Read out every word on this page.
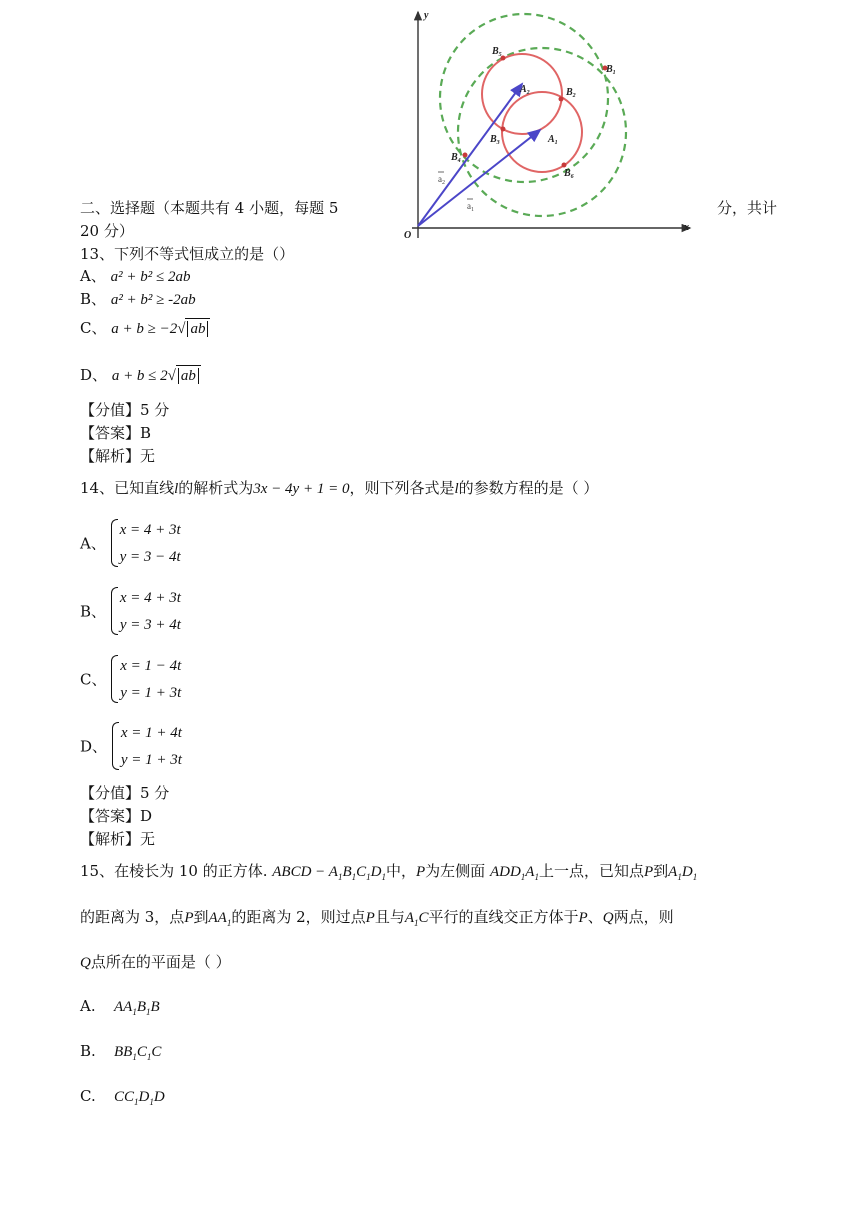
y
x
O
$B_5$
$B_1$
$A_2$	$B_2$
$B_3$	$A_1$
$B_4$
$B_6$
$a_2$
$a_1$
二、选择题（本题共有 4 小题，每题 5	分，共计
20 分）
13、下列不等式恒成立的是（）
A、 a² + b² ≤ 2ab
B、 a² + b² ≥ -2ab
C、 a + b ≥ −2√ ab
D、 a + b ≤ 2√ ab
【分值】5 分
【答案】B
【解析】无
14、已知直线l的解析式为3x − 4y + 1 = 0，则下列各式是l的参数方程的是（ ）
A、
x = 4 + 3t
y = 3 − 4t
B、
x = 4 + 3t
y = 3 + 4t
C、
x = 1 − 4t
y = 1 + 3t
D、
x = 1 + 4t
y = 1 + 3t
【分值】5 分
【答案】D
【解析】无
15、在棱长为 10 的正方体. ABCD − $A_1B_1C_1D_1$中，P为左侧面 $ADD_1A_1$上一点，已知点P到$A_1D_1$
的距离为 3，点P到$AA_1$的距离为 2，则过点P且与$A_1C$平行的直线交正方体于P、Q两点，则
Q点所在的平面是（ ）
A. $AA_1B_1B$
B. $BB_1C_1C$
C. $CC_1D_1D$
